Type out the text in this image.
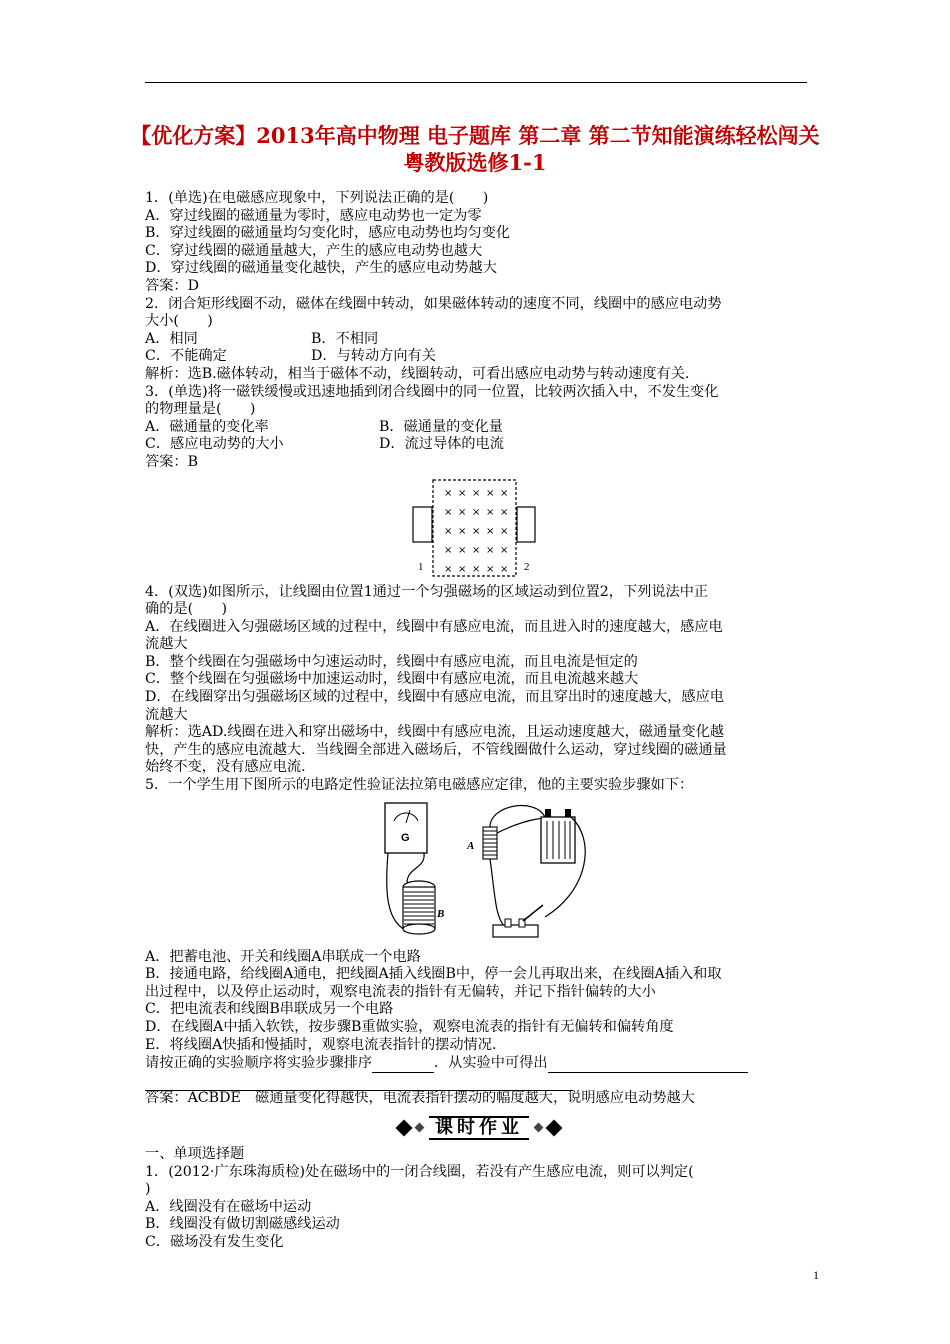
【优化方案】2013年高中物理 电子题库 第二章 第二节知能演练轻松闯关 粤教版选修1-1
1．(单选)在电磁感应现象中，下列说法正确的是(　　)
A．穿过线圈的磁通量为零时，感应电动势也一定为零
B．穿过线圈的磁通量均匀变化时，感应电动势也均匀变化
C．穿过线圈的磁通量越大，产生的感应电动势也越大
D．穿过线圈的磁通量变化越快，产生的感应电动势越大
答案：D
2．闭合矩形线圈不动，磁体在线圈中转动，如果磁体转动的速度不同，线圈中的感应电动势
大小(　　)
A．相同	B．不相同
C．不能确定	D．与转动方向有关
解析：选B.磁体转动，相当于磁体不动，线圈转动，可看出感应电动势与转动速度有关.
3．(单选)将一磁铁缓慢或迅速地插到闭合线圈中的同一位置，比较两次插入中，不发生变化
的物理量是(　　)
A．磁通量的变化率	B．磁通量的变化量
C．感应电动势的大小	D．流过导体的电流
答案：B
× × × × ×
× × × × ×
× × × × ×
× × × × ×
× × × × ×
1	2
4．(双选)如图所示，让线圈由位置1通过一个匀强磁场的区域运动到位置2，下列说法中正
确的是(　　)
A．在线圈进入匀强磁场区域的过程中，线圈中有感应电流，而且进入时的速度越大，感应电
流越大
B．整个线圈在匀强磁场中匀速运动时，线圈中有感应电流，而且电流是恒定的
C．整个线圈在匀强磁场中加速运动时，线圈中有感应电流，而且电流越来越大
D．在线圈穿出匀强磁场区域的过程中，线圈中有感应电流，而且穿出时的速度越大，感应电
流越大
解析：选AD.线圈在进入和穿出磁场中，线圈中有感应电流，且运动速度越大，磁通量变化越
快，产生的感应电流越大．当线圈全部进入磁场后，不管线圈做什么运动，穿过线圈的磁通量
始终不变，没有感应电流.
5．一个学生用下图所示的电路定性验证法拉第电磁感应定律，他的主要实验步骤如下：
G
B
A
A．把蓄电池、开关和线圈A串联成一个电路
B．接通电路，给线圈A通电，把线圈A插入线圈B中，停一会儿再取出来，在线圈A插入和取
出过程中，以及停止运动时，观察电流表的指针有无偏转，并记下指针偏转的大小
C．把电流表和线圈B串联成另一个电路
D．在线圈A中插入软铁，按步骤B重做实验，观察电流表的指针有无偏转和偏转角度
E．将线圈A快插和慢插时，观察电流表指针的摆动情况.
请按正确的实验顺序将实验步骤排序	．从实验中可得出
答案：ACBDE　磁通量变化得越快，电流表指针摆动的幅度越大，说明感应电动势越大
课时作业
一、单项选择题
1．(2012·广东珠海质检)处在磁场中的一闭合线圈，若没有产生感应电流，则可以判定(
)
A．线圈没有在磁场中运动
B．线圈没有做切割磁感线运动
C．磁场没有发生变化
1
